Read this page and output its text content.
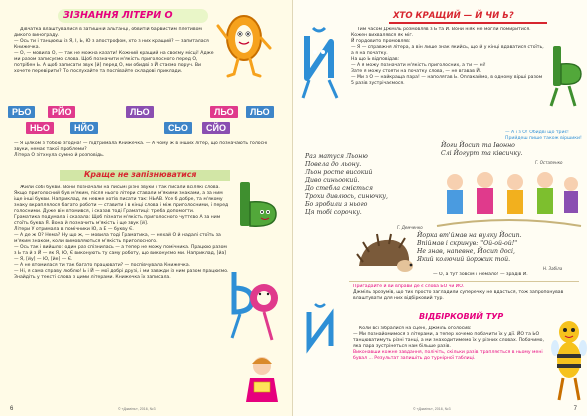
ЗІЗНАННЯ ЛІТЕРИ О

Дівчатка влаштувалися в затишній альтанці, обвитій барвистим плетивом дикого винограду.

— Ось ти і танцюєш із Я, І, Ь, Ю з апострофом, хто з них кращий? — запиталася Книжечка.

— О, — мовила О, — так не можна казати! Кожний кращий на своєму місці! Адже ми разом записуємо слова. Щоб позначити м'якість приголосного перед О, потрібен Ь. А щоб записати звук [й] перед О, ми обидві з Й стаємо поруч. Ви хочете перевірити? То послухайте та поспівайте складові приклади.

РЬО	РЙО	ЛЬО	ЛЬО	ЛЬО
НЬО	НЙО	СЬО	СЙО

— Я цілком з тобою згодна! — підтримала Книжечка. — А чому ж в інших літер, що позначають голосні звуки, немає такої проблеми?

Літера О зітхнула сумно й розповідь.

Краще не запізнюватися

Жили собі букви. Вони позначали на письмі різні звуки і так писали всілякі слова. Якщо приголосний був м'яким, після нього літери ставали м'якими знаками, а за ним іще інші букви. Наприклад, як невже хотів писати так: НЬАВ. Усе б добре, та м'якому знаку вкраплялося багато роботи — ставити і в кінці слова і між приголосними, і перед голосними. Дуже він втомився, і сказав тоді Граматиці: треба допомогти.

Граматика подумала і сказала: Щоб пізнати м'якість приголосного чуттєво А за ним стоїть буква Я. Вона й позначить м'якість і ще звук [й].

Літери У отримала в помічники Ю, а Е — букву Є.

— А де ж О? Нема? Ну що ж, — мовила тоді Граматика, — нехай О й надалі стоїть за м'яким знаком, коли вимовляються м'якість приголосного.

— Ось так і вийшло: один раз спізнилась — а тепер не можу помічника. Працюю разом з Ь та й з Й — як Я, Ю, Є виконують ту саму роботу, що виконуємо ми. Наприклад, [йа] — Я, [йу] — Ю, [йе] — Є.

— А не втомилася ти так багато працювати? — поспівчувала Книжечка.

— Ні, я сама справу люблю! Ь і Й — мої добрі друзі, і ми завжди із ним разом працюємо.

Знайдіть у тексті слова з цими літерами. Книжечка їх записала.

6	© «Джміль», 2016, №3
ХТО КРАЩИЙ — Й ЧИ Ь?

Тим часом Джміль розмовляв з Ь та Й. Вони ніяк не могли помиритися. Кожен вихвалявся як міг.

Й гордовито промовляв:

— Я — справжня літера, а він лише знак якийсь, що й у кінці вдаватися стоїть, а я на початку.

На що Ь відповідав:

— А я можу позначати м'якість приголосних, а ти — ні!

Зате я можу стояти на початку слова, — не вгавав Й.

— Ми з О — найкраща пара! — наполягав Ь. Оплакаймо, в одному вірші разом 5 разів зустрічаємося.

— А і з О! Обидві що триє! Прийдеш пише також віршики!
Раз матуся Льоню
Повела до льону.
Льон росте високий
Диво синьоокий.
До стебла сміється
Трохи дивлюсь, синючку,
Бо зробили з нього
Ця тобі сорочку.
Г. Демченко
Йоги Йосип та Івонно
Слі Йогурт та ківсичку.
Г. Остапенко
Йорка вт'ймав на вулку Йосип.
Впіймав і скринув: "Ой-ой-ой!"
Не знав, напевне, Йосип досі,
Який колючий йоржик той.
Н. Забіла
— О, а тут зовсім і немало! — зрадів Й.

Пригадайте й ви вправи де є слова БО чи ЙО.

Джміль зрозумів, що тих просто загладили суперечку не вдасться, тож запропонував влаштувати для них відбірковий тур.

ВІДБІРКОВИЙ ТУР

Коли всі зібралися на сцені, Джміль оголосив:

— Ми познайомимося з літерами, а тепер хочемо побачити їх у дії. ЙО та ЬО танцюватимуть різні танці, а ми знаходитимемо їх у різних словах. Побачимо, яка пара зустрінеться нам більше разів.

Виконавши кожне завдання, полічіть, скільки разів трапляється в ньому мені бувал ... Результат запишіть до турнірної таблиці.

7
© «Джміль», 2016, №3
